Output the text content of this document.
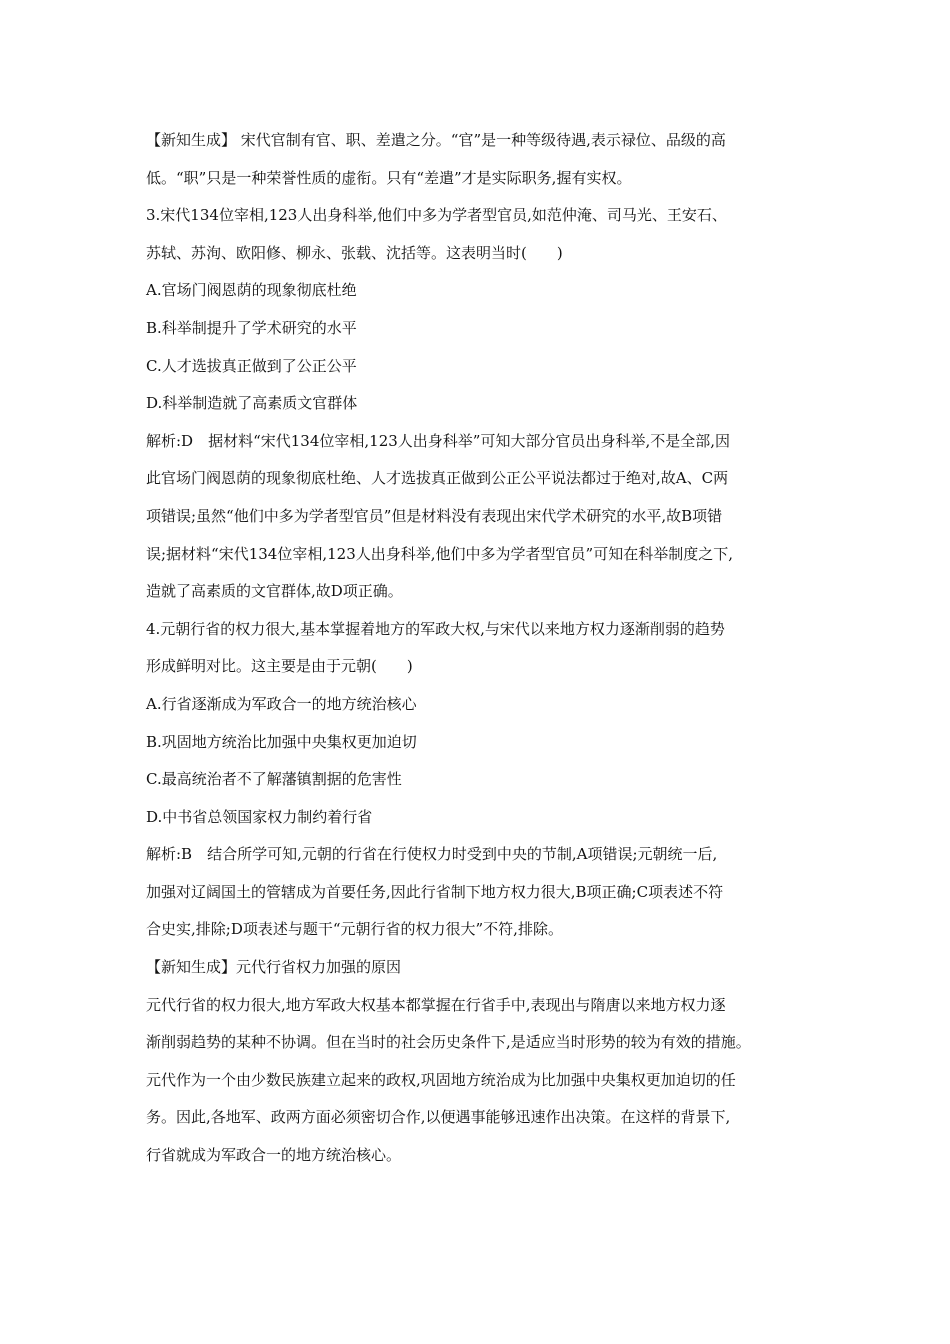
【新知生成】 宋代官制有官、职、差遣之分。“官”是一种等级待遇,表示禄位、品级的高
低。“职”只是一种荣誉性质的虚衔。只有“差遣”才是实际职务,握有实权。
3.宋代134位宰相,123人出身科举,他们中多为学者型官员,如范仲淹、司马光、王安石、
苏轼、苏洵、欧阳修、柳永、张载、沈括等。这表明当时(　　)
A.官场门阀恩荫的现象彻底杜绝
B.科举制提升了学术研究的水平
C.人才选拔真正做到了公正公平
D.科举制造就了高素质文官群体
解析:D　据材料“宋代134位宰相,123人出身科举”可知大部分官员出身科举,不是全部,因
此官场门阀恩荫的现象彻底杜绝、人才选拔真正做到公正公平说法都过于绝对,故A、C两
项错误;虽然“他们中多为学者型官员”但是材料没有表现出宋代学术研究的水平,故B项错
误;据材料“宋代134位宰相,123人出身科举,他们中多为学者型官员”可知在科举制度之下,
造就了高素质的文官群体,故D项正确。
4.元朝行省的权力很大,基本掌握着地方的军政大权,与宋代以来地方权力逐渐削弱的趋势
形成鲜明对比。这主要是由于元朝(　　)
A.行省逐渐成为军政合一的地方统治核心
B.巩固地方统治比加强中央集权更加迫切
C.最高统治者不了解藩镇割据的危害性
D.中书省总领国家权力制约着行省
解析:B　结合所学可知,元朝的行省在行使权力时受到中央的节制,A项错误;元朝统一后,
加强对辽阔国土的管辖成为首要任务,因此行省制下地方权力很大,B项正确;C项表述不符
合史实,排除;D项表述与题干“元朝行省的权力很大”不符,排除。
【新知生成】元代行省权力加强的原因
元代行省的权力很大,地方军政大权基本都掌握在行省手中,表现出与隋唐以来地方权力逐
渐削弱趋势的某种不协调。但在当时的社会历史条件下,是适应当时形势的较为有效的措施。
元代作为一个由少数民族建立起来的政权,巩固地方统治成为比加强中央集权更加迫切的任
务。因此,各地军、政两方面必须密切合作,以便遇事能够迅速作出决策。在这样的背景下,
行省就成为军政合一的地方统治核心。
